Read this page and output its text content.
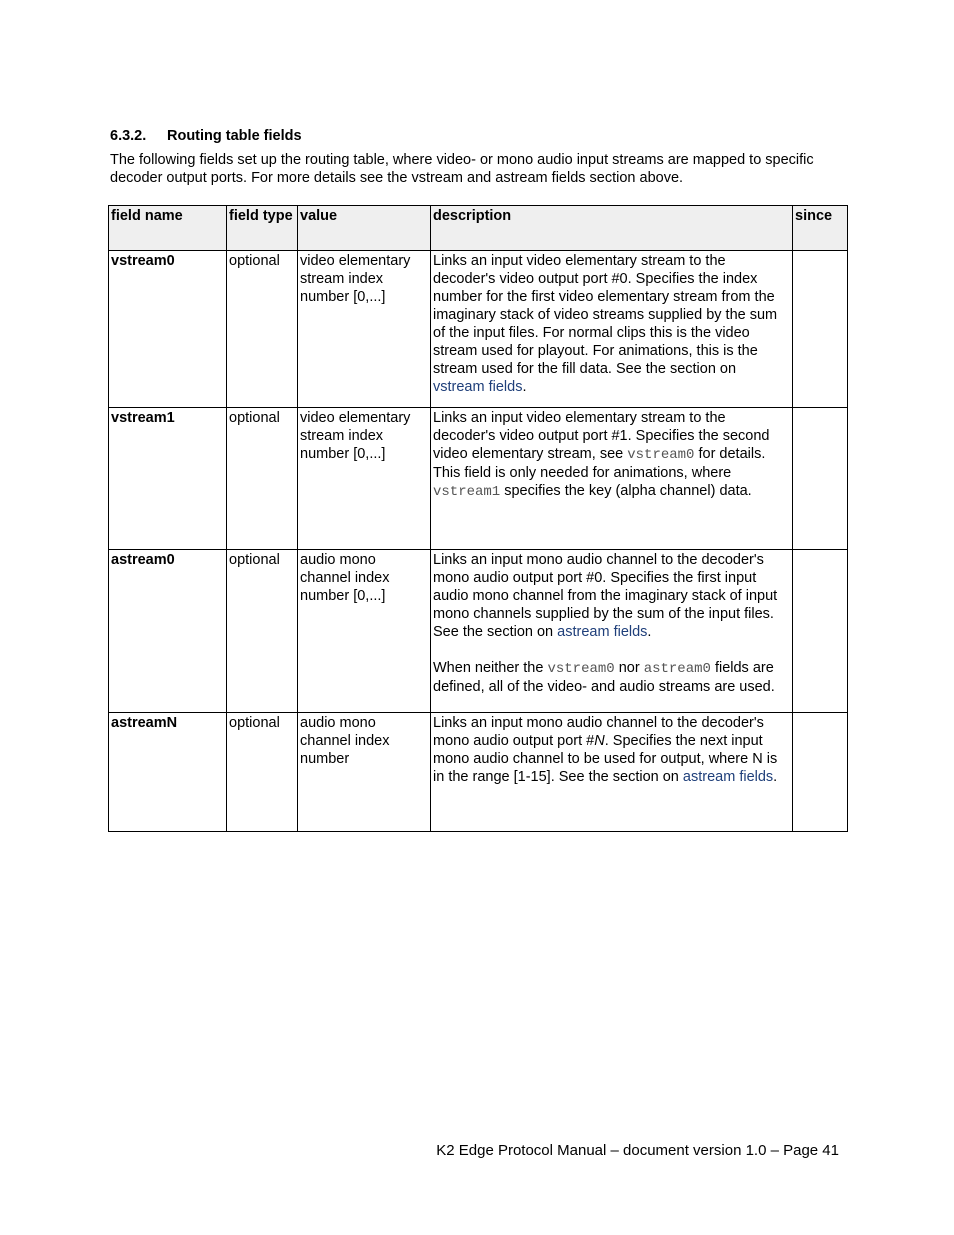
6.3.2. Routing table fields
The following fields set up the routing table, where video- or mono audio input streams are mapped to specific decoder output ports. For more details see the vstream and astream fields section above.
field name	field type	value	description	since
vstream0	optional	video elementary stream index number [0,...]	Links an input video elementary stream to the decoder's video output port #0. Specifies the index number for the first video elementary stream from the imaginary stack of video streams supplied by the sum of the input files. For normal clips this is the video stream used for playout. For animations, this is the stream used for the fill data. See the section on vstream fields.	
vstream1	optional	video elementary stream index number [0,...]	Links an input video elementary stream to the decoder's video output port #1. Specifies the second video elementary stream, see vstream0 for details. This field is only needed for animations, where vstream1 specifies the key (alpha channel) data.	
astream0	optional	audio mono channel index number [0,...]	Links an input mono audio channel to the decoder's mono audio output port #0. Specifies the first input audio mono channel from the imaginary stack of input mono channels supplied by the sum of the input files. See the section on astream fields.
When neither the vstream0 nor astream0 fields are defined, all of the video- and audio streams are used.	

astreamN	optional	audio mono channel index number	Links an input mono audio channel to the decoder's mono audio output port #N. Specifies the next input mono audio channel to be used for output, where N is in the range [1-15]. See the section on astream fields.	
K2 Edge Protocol Manual – document version 1.0 – Page 41
